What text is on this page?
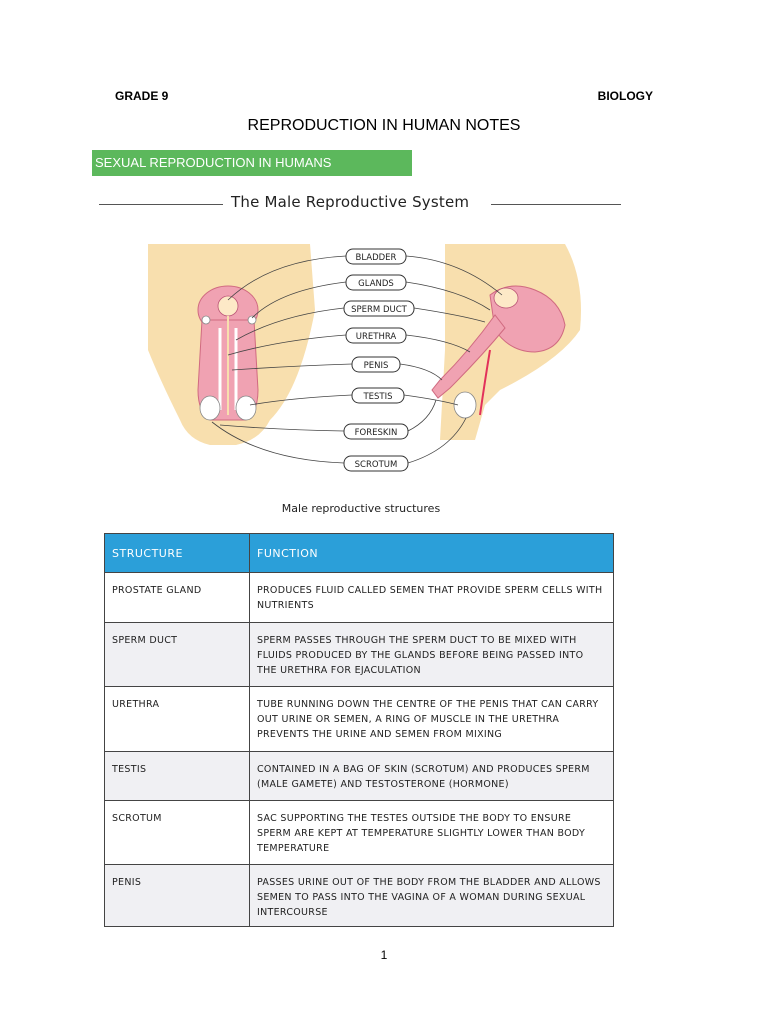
GRADE 9	BIOLOGY
REPRODUCTION IN HUMAN NOTES
SEXUAL REPRODUCTION IN HUMANS
The Male Reproductive System
BLADDER
GLANDS
SPERM DUCT
URETHRA
PENIS
TESTIS
FORESKIN
SCROTUM
Male reproductive structures
STRUCTURE	FUNCTION
PROSTATE GLAND	PRODUCES FLUID CALLED SEMEN THAT PROVIDE SPERM CELLS WITH NUTRIENTS
SPERM DUCT	SPERM PASSES THROUGH THE SPERM DUCT TO BE MIXED WITH FLUIDS PRODUCED BY THE GLANDS BEFORE BEING PASSED INTO THE URETHRA FOR EJACULATION
URETHRA	TUBE RUNNING DOWN THE CENTRE OF THE PENIS THAT CAN CARRY OUT URINE OR SEMEN, A RING OF MUSCLE IN THE URETHRA PREVENTS THE URINE AND SEMEN FROM MIXING
TESTIS	CONTAINED IN A BAG OF SKIN (SCROTUM) AND PRODUCES SPERM (MALE GAMETE) AND TESTOSTERONE (HORMONE)
SCROTUM	SAC SUPPORTING THE TESTES OUTSIDE THE BODY TO ENSURE SPERM ARE KEPT AT TEMPERATURE SLIGHTLY LOWER THAN BODY TEMPERATURE
PENIS	PASSES URINE OUT OF THE BODY FROM THE BLADDER AND ALLOWS SEMEN TO PASS INTO THE VAGINA OF A WOMAN DURING SEXUAL INTERCOURSE
1
